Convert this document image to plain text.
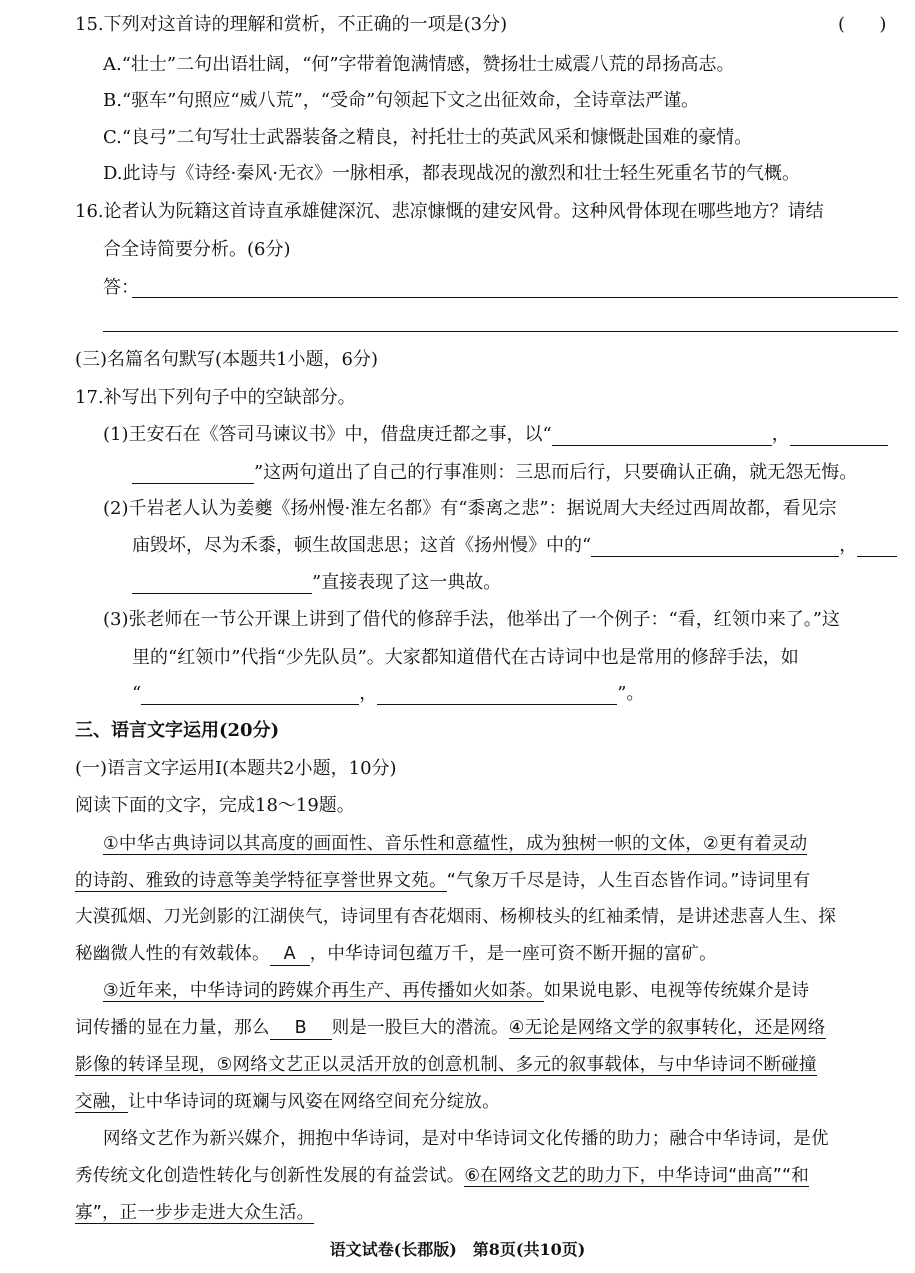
15.下列对这首诗的理解和赏析，不正确的一项是(3分)	(      )
A.“壮士”二句出语壮阔，“何”字带着饱满情感，赞扬壮士威震八荒的昂扬高志。
B.“驱车”句照应“威八荒”，“受命”句领起下文之出征效命，全诗章法严谨。
C.“良弓”二句写壮士武器装备之精良，衬托壮士的英武风采和慷慨赴国难的豪情。
D.此诗与《诗经·秦风·无衣》一脉相承，都表现战况的激烈和壮士轻生死重名节的气概。
16.论者认为阮籍这首诗直承雄健深沉、悲凉慷慨的建安风骨。这种风骨体现在哪些地方？请结
合全诗简要分析。(6分)
答：
(三)名篇名句默写(本题共1小题，6分)
17.补写出下列句子中的空缺部分。
(1)王安石在《答司马谏议书》中，借盘庚迁都之事，以“	，
”这两句道出了自己的行事准则：三思而后行，只要确认正确，就无怨无悔。
(2)千岩老人认为姜夔《扬州慢·淮左名都》有“黍离之悲”：据说周大夫经过西周故都，看见宗
庙毁坏，尽为禾黍，顿生故国悲思；这首《扬州慢》中的“	，
”直接表现了这一典故。
(3)张老师在一节公开课上讲到了借代的修辞手法，他举出了一个例子：“看，红领巾来了。”这
里的“红领巾”代指“少先队员”。大家都知道借代在古诗词中也是常用的修辞手法，如
“	，	”。
三、语言文字运用(20分)
(一)语言文字运用Ⅰ(本题共2小题，10分)
阅读下面的文字，完成18～19题。
①中华古典诗词以其高度的画面性、音乐性和意蕴性，成为独树一帜的文体，②更有着灵动
的诗韵、雅致的诗意等美学特征享誉世界文苑。“气象万千尽是诗，人生百态皆作词。”诗词里有
大漠孤烟、刀光剑影的江湖侠气，诗词里有杏花烟雨、杨柳枝头的红袖柔情，是讲述悲喜人生、探
秘幽微人性的有效载体。 A ，中华诗词包蕴万千，是一座可资不断开掘的富矿。
③近年来，中华诗词的跨媒介再生产、再传播如火如荼。如果说电影、电视等传统媒介是诗
词传播的显在力量，那么 B 则是一股巨大的潜流。④无论是网络文学的叙事转化，还是网络
影像的转译呈现，⑤网络文艺正以灵活开放的创意机制、多元的叙事载体，与中华诗词不断碰撞
交融，让中华诗词的斑斓与风姿在网络空间充分绽放。
网络文艺作为新兴媒介，拥抱中华诗词，是对中华诗词文化传播的助力；融合中华诗词，是优
秀传统文化创造性转化与创新性发展的有益尝试。⑥在网络文艺的助力下，中华诗词“曲高”“和
寡”，正一步步走进大众生活。
语文试卷(长郡版)　第8页(共10页)
